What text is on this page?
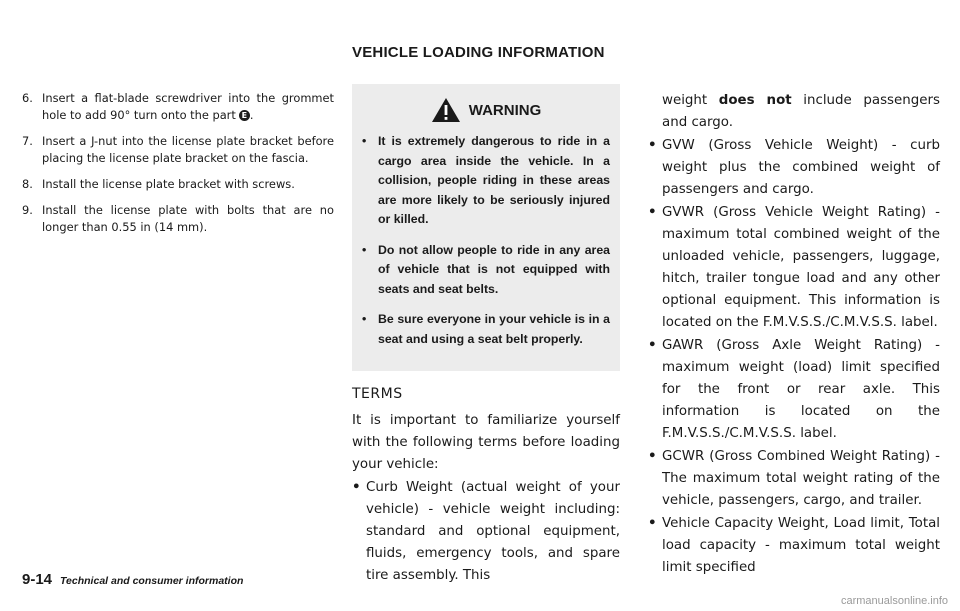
VEHICLE LOADING INFORMATION
6. Insert a flat-blade screwdriver into the grommet hole to add 90° turn onto the part E .
7. Insert a J-nut into the license plate bracket before placing the license plate bracket on the fascia.
8. Install the license plate bracket with screws.
9. Install the license plate with bolts that are no longer than 0.55 in (14 mm).
WARNING
• It is extremely dangerous to ride in a cargo area inside the vehicle. In a collision, people riding in these areas are more likely to be seriously injured or killed.
• Do not allow people to ride in any area of vehicle that is not equipped with seats and seat belts.
• Be sure everyone in your vehicle is in a seat and using a seat belt properly.
TERMS

It is important to familiarize yourself with the following terms before loading your vehicle:

• Curb Weight (actual weight of your vehicle) - vehicle weight including: standard and optional equipment, fluids, emergency tools, and spare tire assembly. This

weight does not include passengers and cargo.

• GVW (Gross Vehicle Weight) - curb weight plus the combined weight of passengers and cargo.
• GVWR (Gross Vehicle Weight Rating) - maximum total combined weight of the unloaded vehicle, passengers, luggage, hitch, trailer tongue load and any other optional equipment. This information is located on the F.M.V.S.S./C.M.V.S.S. label.
• GAWR (Gross Axle Weight Rating) - maximum weight (load) limit specified for the front or rear axle. This information is located on the F.M.V.S.S./C.M.V.S.S. label.
• GCWR (Gross Combined Weight Rating) - The maximum total weight rating of the vehicle, passengers, cargo, and trailer.
• Vehicle Capacity Weight, Load limit, Total load capacity - maximum total weight limit specified
9-14 Technical and consumer information
carmanualsonline.info
